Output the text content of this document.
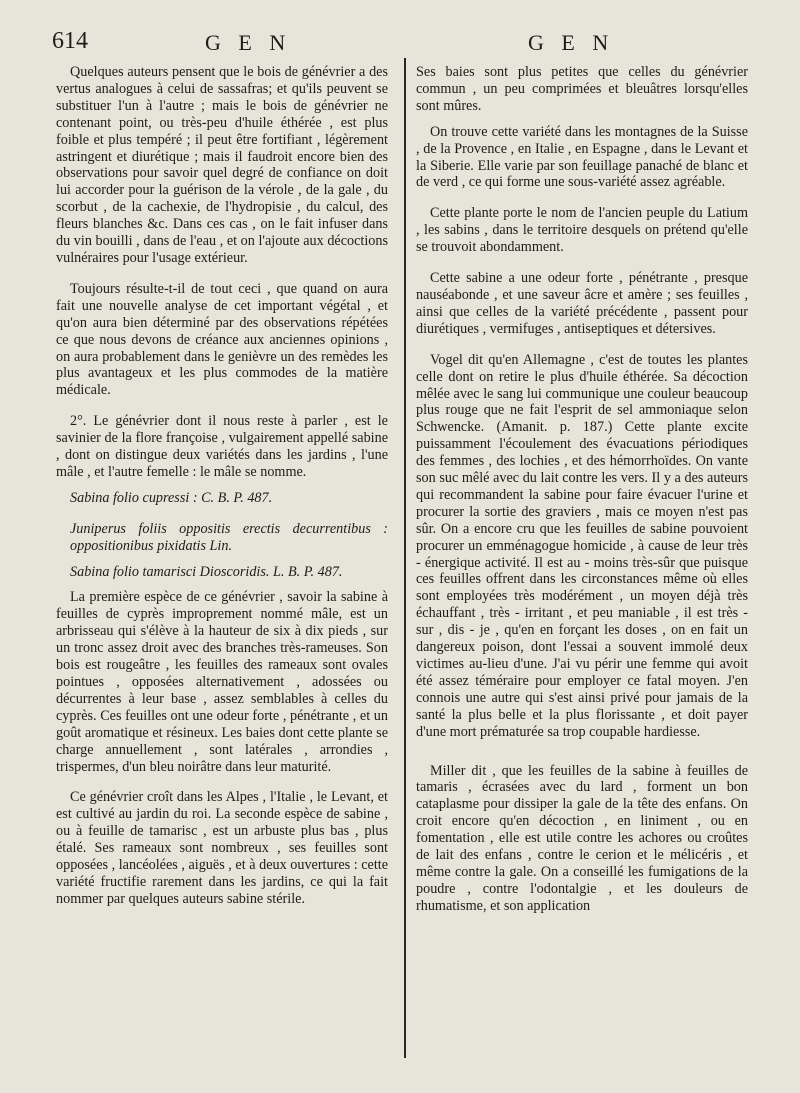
614	G E N	G E N

Quelques auteurs pensent que le bois de génévrier a des vertus analogues à celui de sassafras; et qu'ils peuvent se substituer l'un à l'autre ; mais le bois de génévrier ne contenant point, ou très-peu d'huile éthérée , est plus foible et plus tempéré ; il peut être fortifiant , légèrement astringent et diurétique ; mais il faudroit encore bien des observations pour savoir quel degré de confiance on doit lui accorder pour la guérison de la vérole , de la gale , du scorbut , de la cachexie, de l'hydropisie , du calcul, des fleurs blanches &c. Dans ces cas , on le fait infuser dans du vin bouilli , dans de l'eau , et on l'ajoute aux décoctions vulnéraires pour l'usage extérieur.

Toujours résulte-t-il de tout ceci , que quand on aura fait une nouvelle analyse de cet important végétal , et qu'on aura bien déterminé par des observations répétées ce que nous devons de créance aux anciennes opinions , on aura probablement dans le genièvre un des remèdes les plus avantageux et les plus commodes de la matière médicale.

2°. Le génévrier dont il nous reste à parler , est le savinier de la flore françoise , vulgairement appellé sabine , dont on distingue deux variétés dans les jardins , l'une mâle , et l'autre femelle : le mâle se nomme.

Sabina folio cupressi : C. B. P. 487.

Juniperus foliis oppositis erectis decurrentibus : oppositionibus pixidatis Lin.

Sabina folio tamarisci Dioscoridis. L. B. P. 487.

La première espèce de ce génévrier , savoir la sabine à feuilles de cyprès improprement nommé mâle, est un arbrisseau qui s'élève à la hauteur de six à dix pieds , sur un tronc assez droit avec des branches très-rameuses. Son bois est rougeâtre , les feuilles des rameaux sont ovales pointues , opposées alternativement , adossées ou décurrentes à leur base , assez semblables à celles du cyprès. Ces feuilles ont une odeur forte , pénétrante , et un goût aromatique et résineux. Les baies dont cette plante se charge annuellement , sont latérales , arrondies , trispermes, d'un bleu noirâtre dans leur maturité.

Ce génévrier croît dans les Alpes , l'Italie , le Levant, et est cultivé au jardin du roi. La seconde espèce de sabine , ou à feuille de tamarisc , est un arbuste plus bas , plus étalé. Ses rameaux sont nombreux , ses feuilles sont opposées , lancéolées , aiguës , et à deux ouvertures : cette variété fructifie rarement dans les jardins, ce qui la fait nommer par quelques auteurs sabine stérile.

Ses baies sont plus petites que celles du génévrier commun , un peu comprimées et bleuâtres lorsqu'elles sont mûres.

On trouve cette variété dans les montagnes de la Suisse , de la Provence , en Italie , en Espagne , dans le Levant et la Siberie. Elle varie par son feuillage panaché de blanc et de verd , ce qui forme une sous-variété assez agréable.

Cette plante porte le nom de l'ancien peuple du Latium , les sabins , dans le territoire desquels on prétend qu'elle se trouvoit abondamment.

Cette sabine a une odeur forte , pénétrante , presque nauséabonde , et une saveur âcre et amère ; ses feuilles , ainsi que celles de la variété précédente , passent pour diurétiques , vermifuges , antiseptiques et détersives.

Vogel dit qu'en Allemagne , c'est de toutes les plantes celle dont on retire le plus d'huile éthérée. Sa décoction mêlée avec le sang lui communique une couleur beaucoup plus rouge que ne fait l'esprit de sel ammoniaque selon Schwencke. (Amanit. p. 187.) Cette plante excite puissamment l'écoulement des évacuations périodiques des femmes , des lochies , et des hémorrhoïdes. On vante son suc mêlé avec du lait contre les vers. Il y a des auteurs qui recommandent la sabine pour faire évacuer l'urine et procurer la sortie des graviers , mais ce moyen n'est pas sûr. On a encore cru que les feuilles de sabine pouvoient procurer un emménagogue homicide , à cause de leur très - énergique activité. Il est au - moins très-sûr que puisque ces feuilles offrent dans les circonstances même où elles sont employées très modérément , un moyen déjà très échauffant , très - irritant , et peu maniable , il est très - sur , dis - je , qu'en en forçant les doses , on en fait un dangereux poison, dont l'essai a souvent immolé deux victimes au-lieu d'une. J'ai vu périr une femme qui avoit été assez téméraire pour employer ce fatal moyen. J'en connois une autre qui s'est ainsi privé pour jamais de la santé la plus belle et la plus florissante , et doit payer d'une mort prématurée sa trop coupable hardiesse.

Miller dit , que les feuilles de la sabine à feuilles de tamaris , écrasées avec du lard , forment un bon cataplasme pour dissiper la gale de la tête des enfans. On croit encore qu'en décoction , en liniment , ou en fomentation , elle est utile contre les achores ou croûtes de lait des enfans , contre le cerion et le mélicéris , et même contre la gale. On a conseillé les fumigations de la poudre , contre l'odontalgie , et les douleurs de rhumatisme, et son application
